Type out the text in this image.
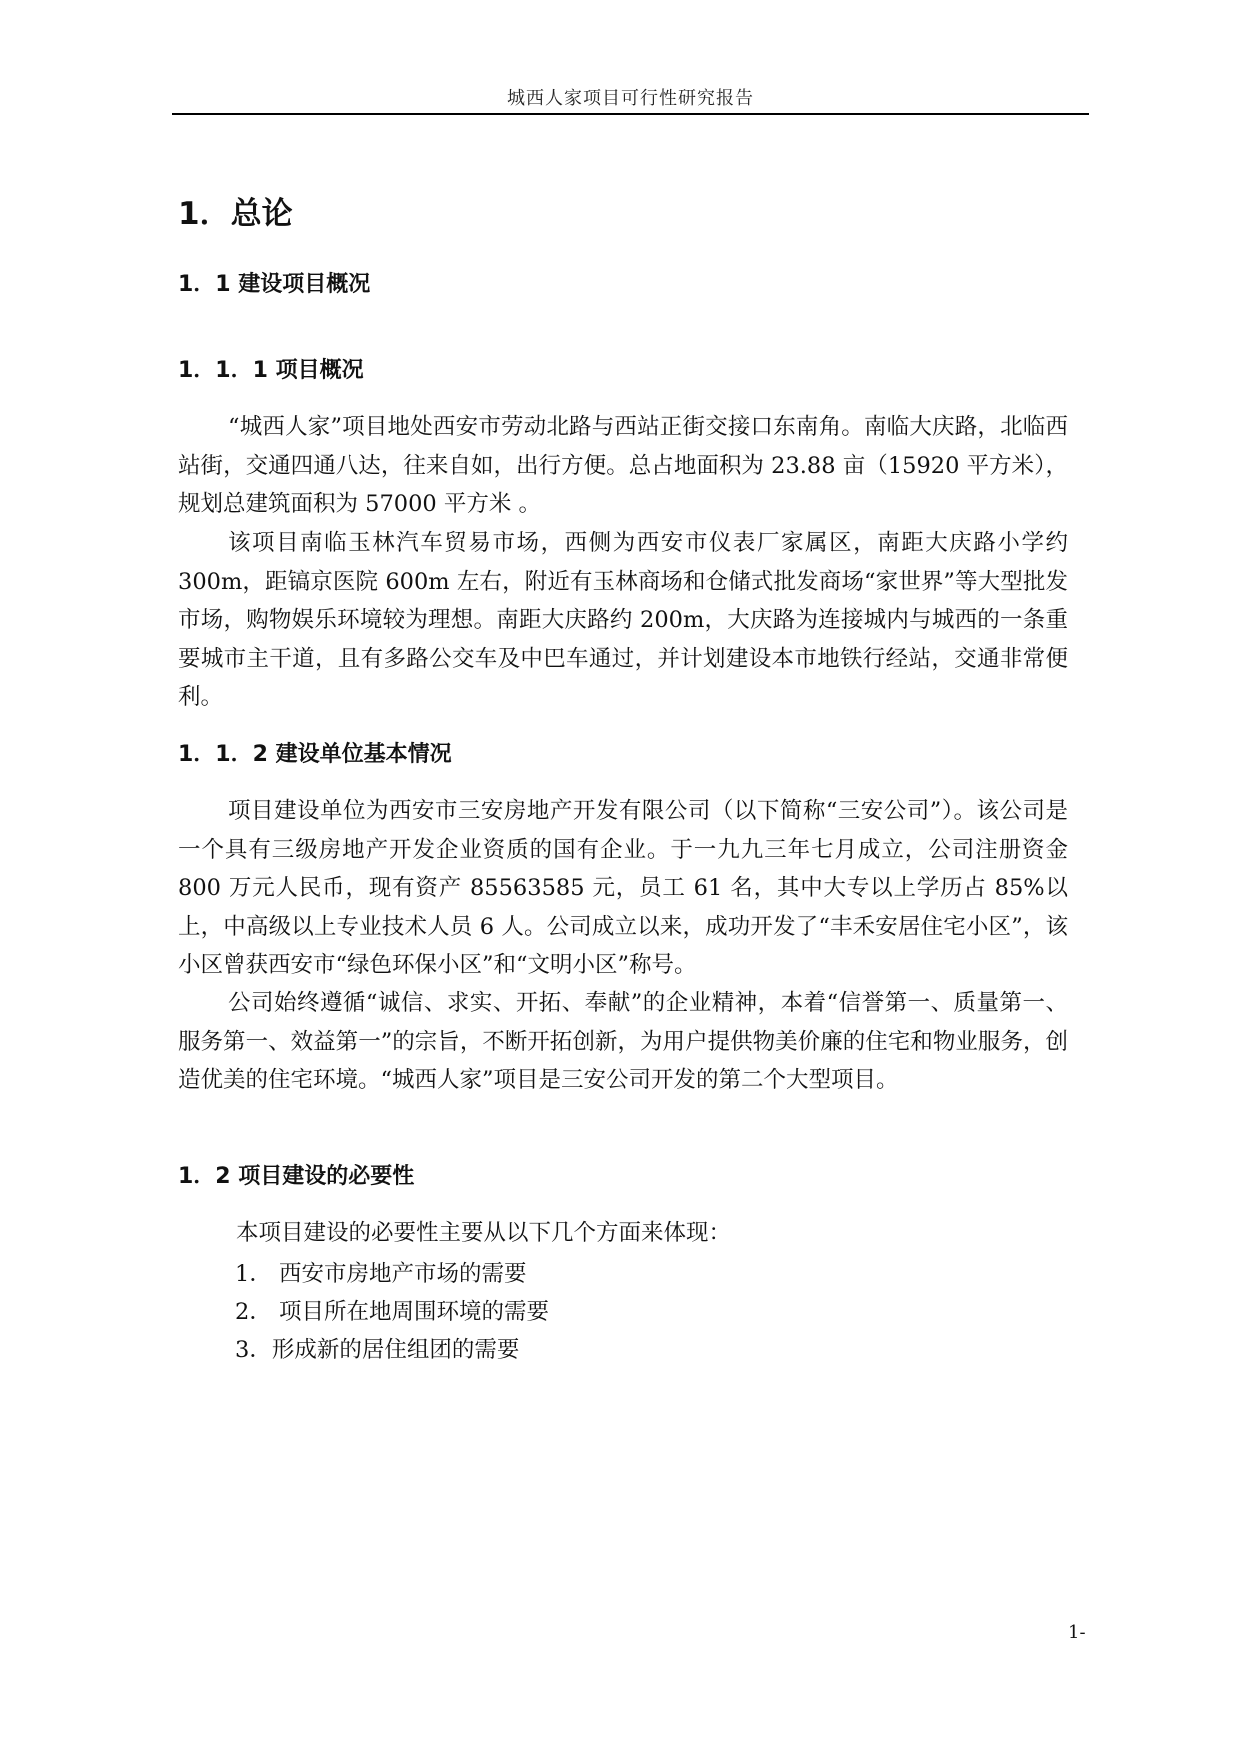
城西人家项目可行性研究报告
1．总论
1．1 建设项目概况
1．1．1 项目概况

“城西人家”项目地处西安市劳动北路与西站正街交接口东南角。南临大庆路，北临西站街，交通四通八达，往来自如，出行方便。总占地面积为 23.88 亩（15920 平方米），规划总建筑面积为 57000 平方米 。

该项目南临玉林汽车贸易市场，西侧为西安市仪表厂家属区，南距大庆路小学约 300m，距镐京医院 600m 左右，附近有玉林商场和仓储式批发商场“家世界”等大型批发市场，购物娱乐环境较为理想。南距大庆路约 200m，大庆路为连接城内与城西的一条重要城市主干道，且有多路公交车及中巴车通过，并计划建设本市地铁行经站，交通非常便利。

1．1．2 建设单位基本情况

项目建设单位为西安市三安房地产开发有限公司（以下简称“三安公司”）。该公司是一个具有三级房地产开发企业资质的国有企业。于一九九三年七月成立，公司注册资金 800 万元人民币，现有资产 85563585 元，员工 61 名，其中大专以上学历占 85%以上，中高级以上专业技术人员 6 人。公司成立以来，成功开发了“丰禾安居住宅小区”，该小区曾获西安市“绿色环保小区”和“文明小区”称号。

公司始终遵循“诚信、求实、开拓、奉献”的企业精神，本着“信誉第一、质量第一、服务第一、效益第一”的宗旨，不断开拓创新，为用户提供物美价廉的住宅和物业服务，创造优美的住宅环境。“城西人家”项目是三安公司开发的第二个大型项目。

1．2 项目建设的必要性

本项目建设的必要性主要从以下几个方面来体现：

1． 西安市房地产市场的需要

2． 项目所在地周围环境的需要

3．形成新的居住组团的需要

1-
